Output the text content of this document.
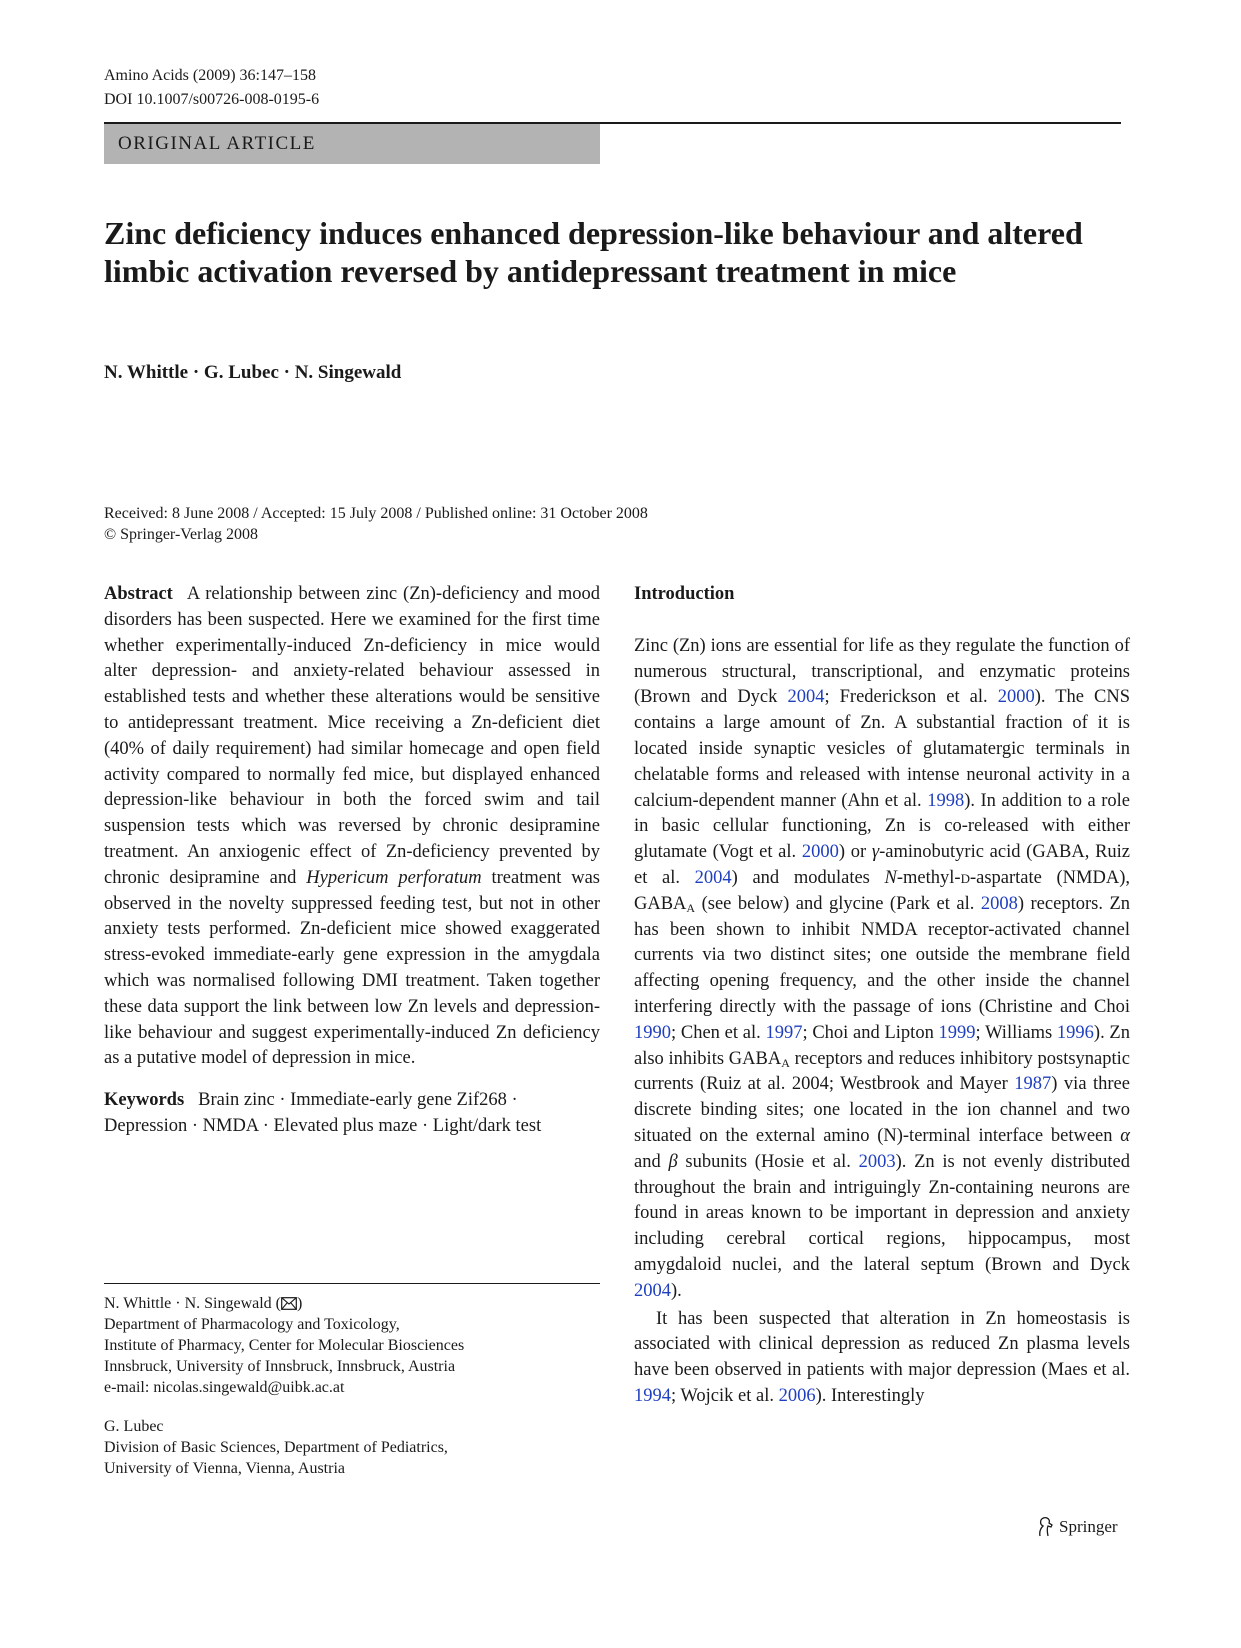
Amino Acids (2009) 36:147–158
DOI 10.1007/s00726-008-0195-6
ORIGINAL ARTICLE
Zinc deficiency induces enhanced depression-like behaviour and altered limbic activation reversed by antidepressant treatment in mice
N. Whittle · G. Lubec · N. Singewald
Received: 8 June 2008 / Accepted: 15 July 2008 / Published online: 31 October 2008
© Springer-Verlag 2008

Abstract A relationship between zinc (Zn)-deficiency and mood disorders has been suspected. Here we examined for the first time whether experimentally-induced Zn-deficiency in mice would alter depression- and anxiety-related behaviour assessed in established tests and whether these alterations would be sensitive to antidepressant treatment. Mice receiving a Zn-deficient diet (40% of daily requirement) had similar homecage and open field activity compared to normally fed mice, but displayed enhanced depression-like behaviour in both the forced swim and tail suspension tests which was reversed by chronic desipramine treatment. An anxiogenic effect of Zn-deficiency prevented by chronic desipramine and Hypericum perforatum treatment was observed in the novelty suppressed feeding test, but not in other anxiety tests performed. Zn-deficient mice showed exaggerated stress-evoked immediate-early gene expression in the amygdala which was normalised following DMI treatment. Taken together these data support the link between low Zn levels and depression-like behaviour and suggest experimentally-induced Zn deficiency as a putative model of depression in mice.

Keywords Brain zinc · Immediate-early gene Zif268 · Depression · NMDA · Elevated plus maze · Light/dark test

N. Whittle · N. Singewald ( )
Department of Pharmacology and Toxicology,
Institute of Pharmacy, Center for Molecular Biosciences
Innsbruck, University of Innsbruck, Innsbruck, Austria
e-mail: nicolas.singewald@uibk.ac.at
G. Lubec
Division of Basic Sciences, Department of Pediatrics,
University of Vienna, Vienna, Austria
Introduction

Zinc (Zn) ions are essential for life as they regulate the function of numerous structural, transcriptional, and enzymatic proteins (Brown and Dyck 2004; Frederickson et al. 2000). The CNS contains a large amount of Zn. A substantial fraction of it is located inside synaptic vesicles of glutamatergic terminals in chelatable forms and released with intense neuronal activity in a calcium-dependent manner (Ahn et al. 1998). In addition to a role in basic cellular functioning, Zn is co-released with either glutamate (Vogt et al. 2000) or γ-aminobutyric acid (GABA, Ruiz et al. 2004) and modulates N-methyl-d-aspartate (NMDA), $GABA_A$ (see below) and glycine (Park et al. 2008) receptors. Zn has been shown to inhibit NMDA receptor-activated channel currents via two distinct sites; one outside the membrane field affecting opening frequency, and the other inside the channel interfering directly with the passage of ions (Christine and Choi 1990; Chen et al. 1997; Choi and Lipton 1999; Williams 1996). Zn also inhibits $GABA_A$ receptors and reduces inhibitory postsynaptic currents (Ruiz at al. 2004; Westbrook and Mayer 1987) via three discrete binding sites; one located in the ion channel and two situated on the external amino (N)-terminal interface between α and β subunits (Hosie et al. 2003). Zn is not evenly distributed throughout the brain and intriguingly Zn-containing neurons are found in areas known to be important in depression and anxiety including cerebral cortical regions, hippocampus, most amygdaloid nuclei, and the lateral septum (Brown and Dyck 2004).

It has been suspected that alteration in Zn homeostasis is associated with clinical depression as reduced Zn plasma levels have been observed in patients with major depression (Maes et al. 1994; Wojcik et al. 2006). Interestingly

Springer
